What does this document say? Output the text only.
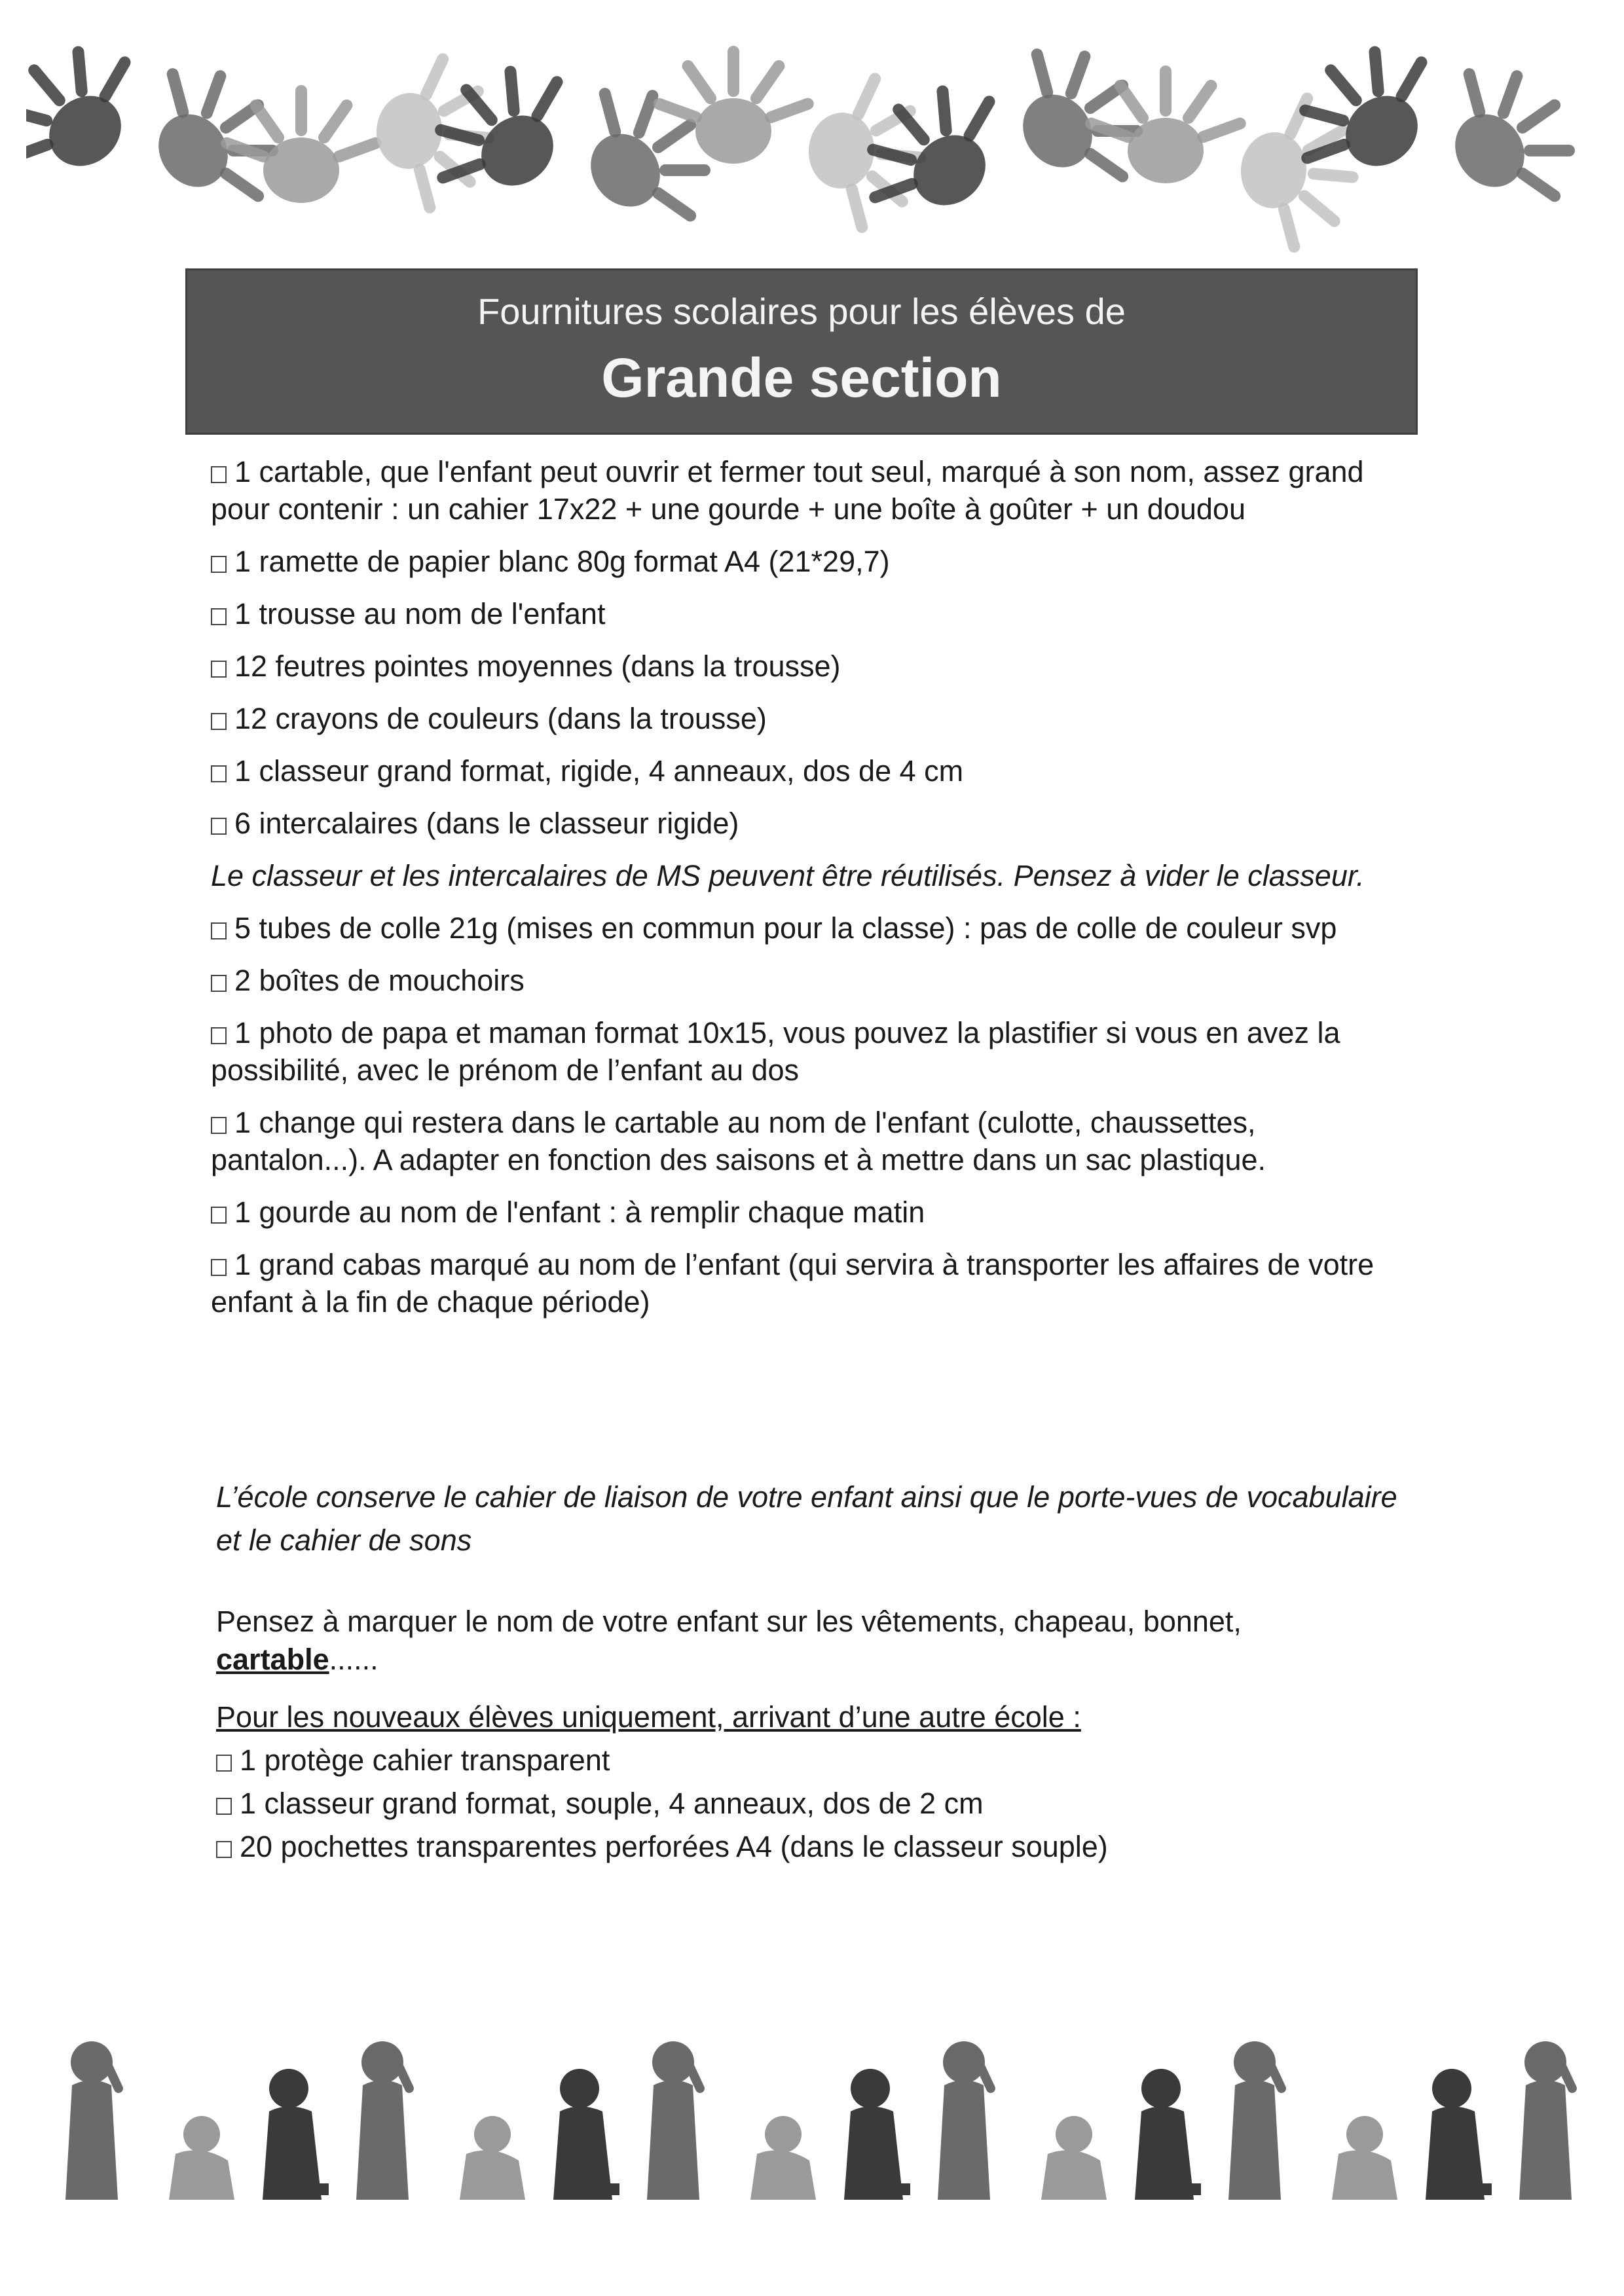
Fournitures scolaires pour les élèves de
Grande section
1 cartable, que l'enfant peut ouvrir et fermer tout seul, marqué à son nom, assez grand pour contenir : un cahier 17x22 + une gourde + une boîte à goûter + un doudou
1 ramette de papier blanc 80g format A4 (21*29,7)
1 trousse au nom de l'enfant
12 feutres pointes moyennes (dans la trousse)
12 crayons de couleurs (dans la trousse)
1 classeur grand format, rigide, 4 anneaux, dos de 4 cm
6 intercalaires (dans le classeur rigide)
Le classeur et les intercalaires de MS peuvent être réutilisés. Pensez à vider le classeur.
5 tubes de colle 21g (mises en commun pour la classe) : pas de colle de couleur svp
2 boîtes de mouchoirs
1 photo de papa et maman format 10x15, vous pouvez la plastifier si vous en avez la possibilité, avec le prénom de l’enfant au dos
1 change qui restera dans le cartable au nom de l'enfant (culotte, chaussettes, pantalon...). A adapter en fonction des saisons et à mettre dans un sac plastique.
1 gourde au nom de l'enfant : à remplir chaque matin
1 grand cabas marqué au nom de l’enfant (qui servira à transporter les affaires de votre enfant à la fin de chaque période)
L’école conserve le cahier de liaison de votre enfant ainsi que le porte-vues de vocabulaire et le cahier de sons
Pensez à marquer le nom de votre enfant sur les vêtements, chapeau, bonnet, cartable......
Pour les nouveaux élèves uniquement, arrivant d’une autre école :
1 protège cahier transparent
1 classeur grand format, souple, 4 anneaux, dos de 2 cm
20 pochettes transparentes perforées A4 (dans le classeur souple)
